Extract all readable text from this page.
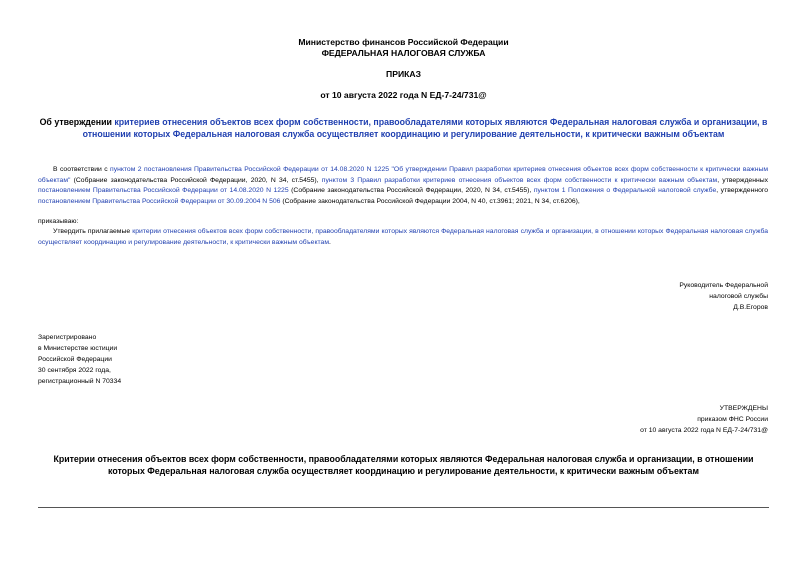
Министерство финансов Российской Федерации
ФЕДЕРАЛЬНАЯ НАЛОГОВАЯ СЛУЖБА
ПРИКАЗ
от 10 августа 2022 года N ЕД-7-24/731@
Об утверждении критериев отнесения объектов всех форм собственности, правообладателями которых являются Федеральная налоговая служба и организации, в отношении которых Федеральная налоговая служба осуществляет координацию и регулирование деятельности, к критически важным объектам
В соответствии с пунктом 2 постановления Правительства Российской Федерации от 14.08.2020 N 1225 "Об утверждении Правил разработки критериев отнесения объектов всех форм собственности к критически важным объектам" (Собрание законодательства Российской Федерации, 2020, N 34, ст.5455), пунктом 3 Правил разработки критериев отнесения объектов всех форм собственности к критически важным объектам, утвержденных постановлением Правительства Российской Федерации от 14.08.2020 N 1225 (Собрание законодательства Российской Федерации, 2020, N 34, ст.5455), пунктом 1 Положения о Федеральной налоговой службе, утвержденного постановлением Правительства Российской Федерации от 30.09.2004 N 506 (Собрание законодательства Российской Федерации 2004, N 40, ст.3961; 2021, N 34, ст.6206),
приказываю:
Утвердить прилагаемые критерии отнесения объектов всех форм собственности, правообладателями которых являются Федеральная налоговая служба и организации, в отношении которых Федеральная налоговая служба осуществляет координацию и регулирование деятельности, к критически важным объектам.
Руководитель Федеральной
налоговой службы
Д.В.Егоров
Зарегистрировано
в Министерстве юстиции
Российской Федерации
30 сентября 2022 года,
регистрационный N 70334
УТВЕРЖДЕНЫ
приказом ФНС России
от 10 августа 2022 года N ЕД-7-24/731@
Критерии отнесения объектов всех форм собственности, правообладателями которых являются Федеральная налоговая служба и организации, в отношении которых Федеральная налоговая служба осуществляет координацию и регулирование деятельности, к критически важным объектам
